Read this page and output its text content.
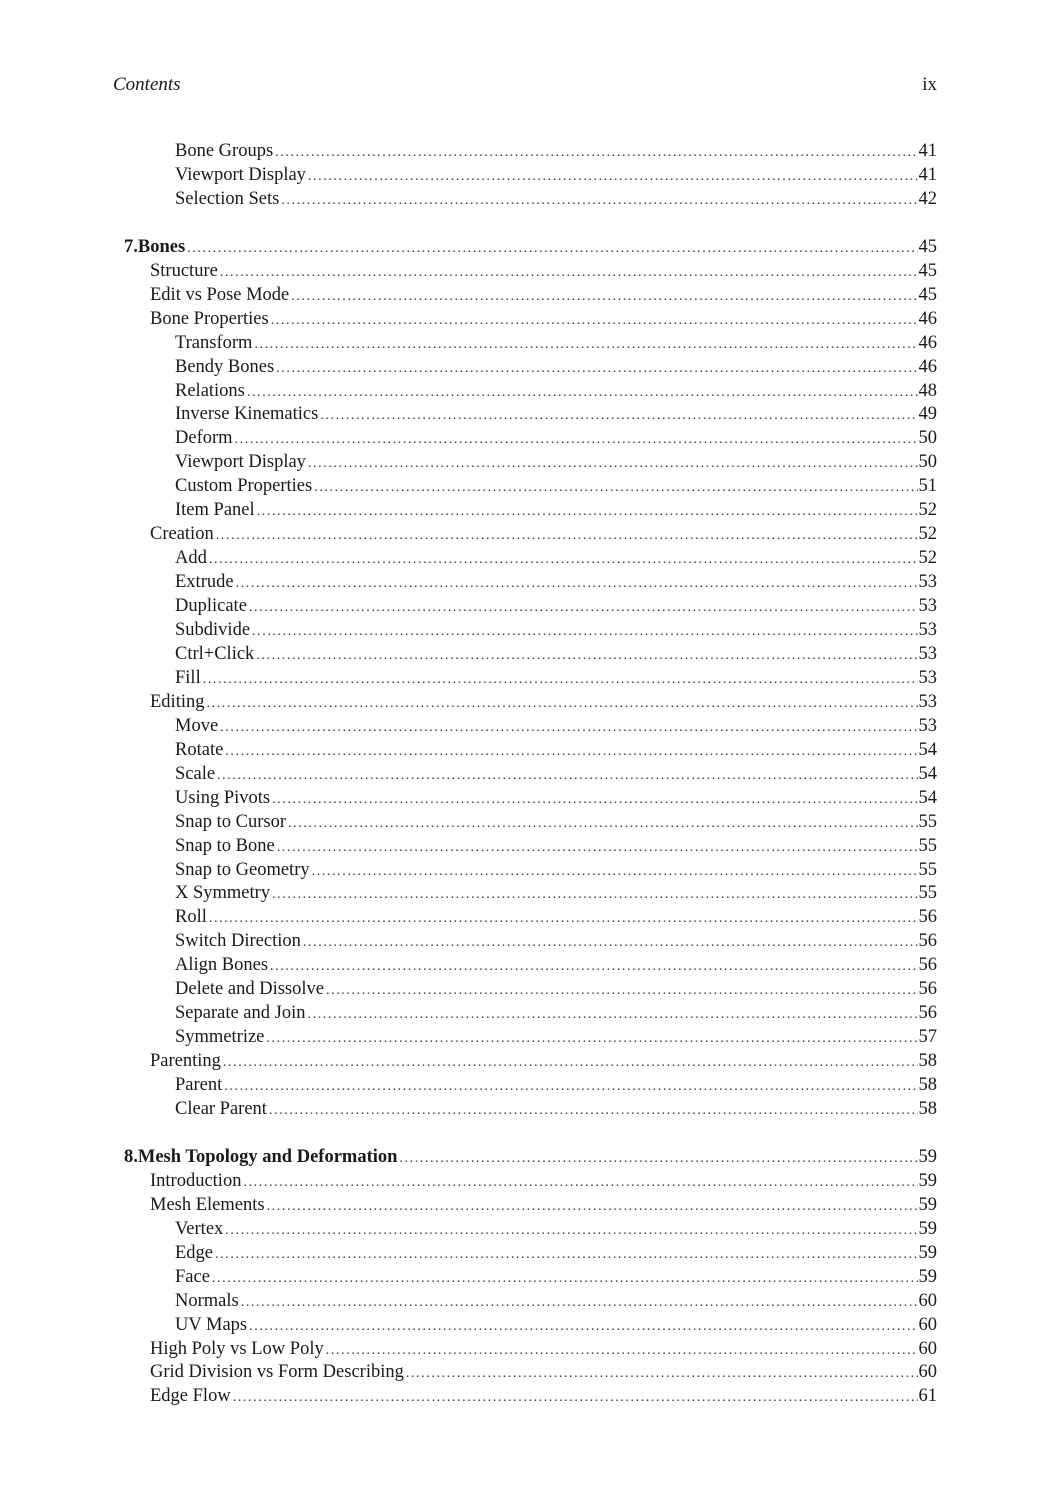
Contents	ix
Bone Groups .....	41
Viewport Display .....	41
Selection Sets .....	42
7. Bones .....	45
Structure .....	45
Edit vs Pose Mode .....	45
Bone Properties .....	46
Transform .....	46
Bendy Bones .....	46
Relations .....	48
Inverse Kinematics .....	49
Deform .....	50
Viewport Display .....	50
Custom Properties .....	51
Item Panel .....	52
Creation .....	52
Add .....	52
Extrude .....	53
Duplicate .....	53
Subdivide .....	53
Ctrl+Click .....	53
Fill .....	53
Editing .....	53
Move .....	53
Rotate .....	54
Scale .....	54
Using Pivots .....	54
Snap to Cursor .....	55
Snap to Bone .....	55
Snap to Geometry .....	55
X Symmetry .....	55
Roll .....	56
Switch Direction .....	56
Align Bones .....	56
Delete and Dissolve .....	56
Separate and Join .....	56
Symmetrize .....	57
Parenting .....	58
Parent .....	58
Clear Parent .....	58
8. Mesh Topology and Deformation .....	59
Introduction .....	59
Mesh Elements .....	59
Vertex .....	59
Edge .....	59
Face .....	59
Normals .....	60
UV Maps .....	60
High Poly vs Low Poly .....	60
Grid Division vs Form Describing .....	60
Edge Flow .....	61
